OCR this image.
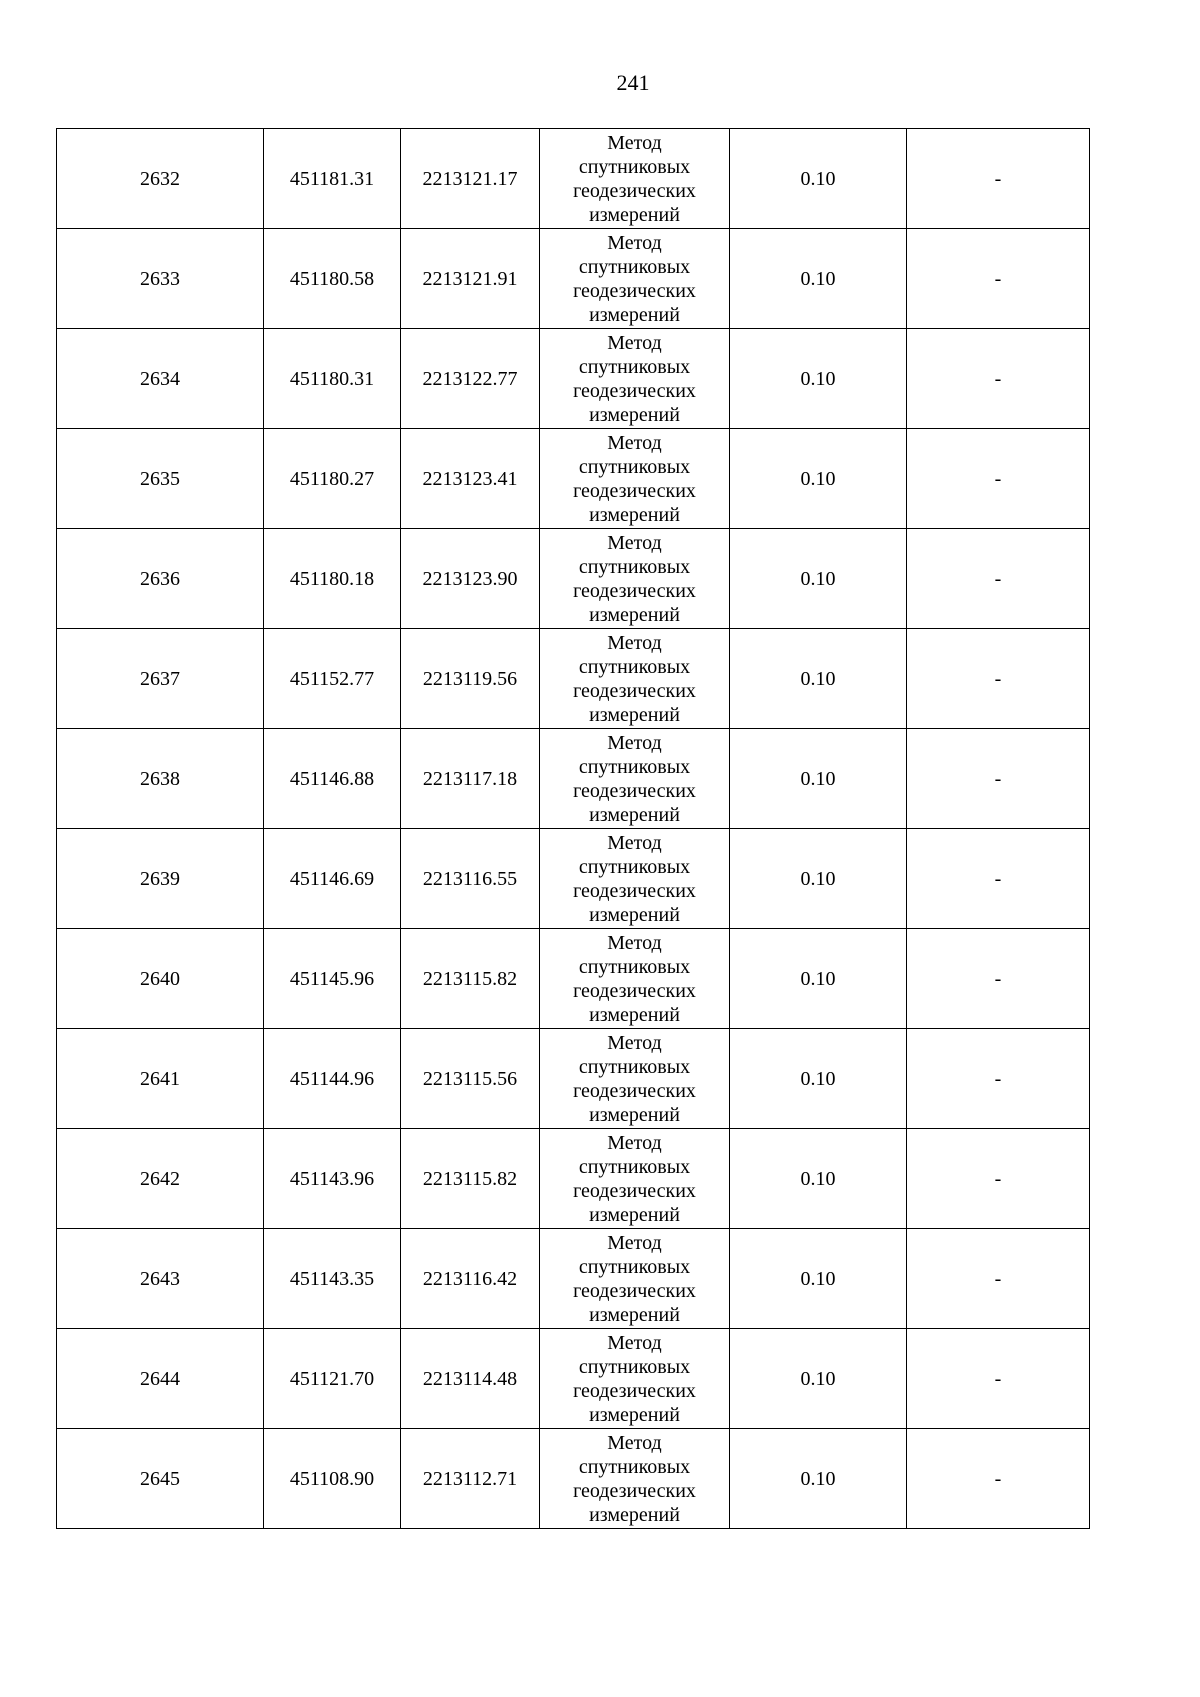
241
2632	451181.31	2213121.17	Метод
спутниковых
геодезических
измерений	0.10	-
2633	451180.58	2213121.91	Метод
спутниковых
геодезических
измерений	0.10	-
2634	451180.31	2213122.77	Метод
спутниковых
геодезических
измерений	0.10	-
2635	451180.27	2213123.41	Метод
спутниковых
геодезических
измерений	0.10	-
2636	451180.18	2213123.90	Метод
спутниковых
геодезических
измерений	0.10	-
2637	451152.77	2213119.56	Метод
спутниковых
геодезических
измерений	0.10	-
2638	451146.88	2213117.18	Метод
спутниковых
геодезических
измерений	0.10	-
2639	451146.69	2213116.55	Метод
спутниковых
геодезических
измерений	0.10	-
2640	451145.96	2213115.82	Метод
спутниковых
геодезических
измерений	0.10	-
2641	451144.96	2213115.56	Метод
спутниковых
геодезических
измерений	0.10	-
2642	451143.96	2213115.82	Метод
спутниковых
геодезических
измерений	0.10	-
2643	451143.35	2213116.42	Метод
спутниковых
геодезических
измерений	0.10	-
2644	451121.70	2213114.48	Метод
спутниковых
геодезических
измерений	0.10	-
2645	451108.90	2213112.71	Метод
спутниковых
геодезических
измерений	0.10	-
